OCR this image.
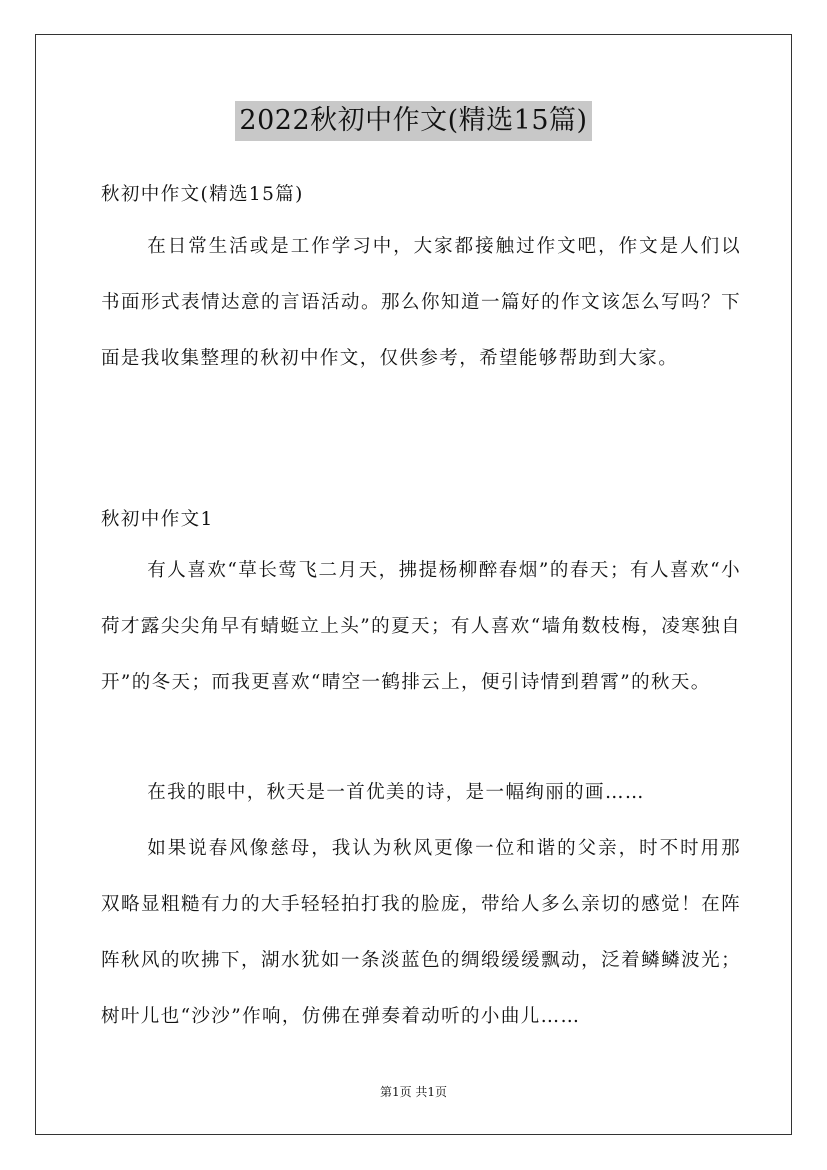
2022秋初中作文(精选15篇)

秋初中作文(精选15篇)

在日常生活或是工作学习中，大家都接触过作文吧，作文是人们以书面形式表情达意的言语活动。那么你知道一篇好的作文该怎么写吗？下面是我收集整理的秋初中作文，仅供参考，希望能够帮助到大家。

秋初中作文1

有人喜欢“草长莺飞二月天，拂提杨柳醉春烟”的春天；有人喜欢“小荷才露尖尖角早有蜻蜓立上头”的夏天；有人喜欢“墙角数枝梅，凌寒独自开”的冬天；而我更喜欢“晴空一鹤排云上，便引诗情到碧霄”的秋天。

在我的眼中，秋天是一首优美的诗，是一幅绚丽的画……

如果说春风像慈母，我认为秋风更像一位和谐的父亲，时不时用那双略显粗糙有力的大手轻轻拍打我的脸庞，带给人多么亲切的感觉！在阵阵秋风的吹拂下，湖水犹如一条淡蓝色的绸缎缓缓飘动，泛着鳞鳞波光；树叶儿也“沙沙”作响，仿佛在弹奏着动听的小曲儿……

第1页 共1页
